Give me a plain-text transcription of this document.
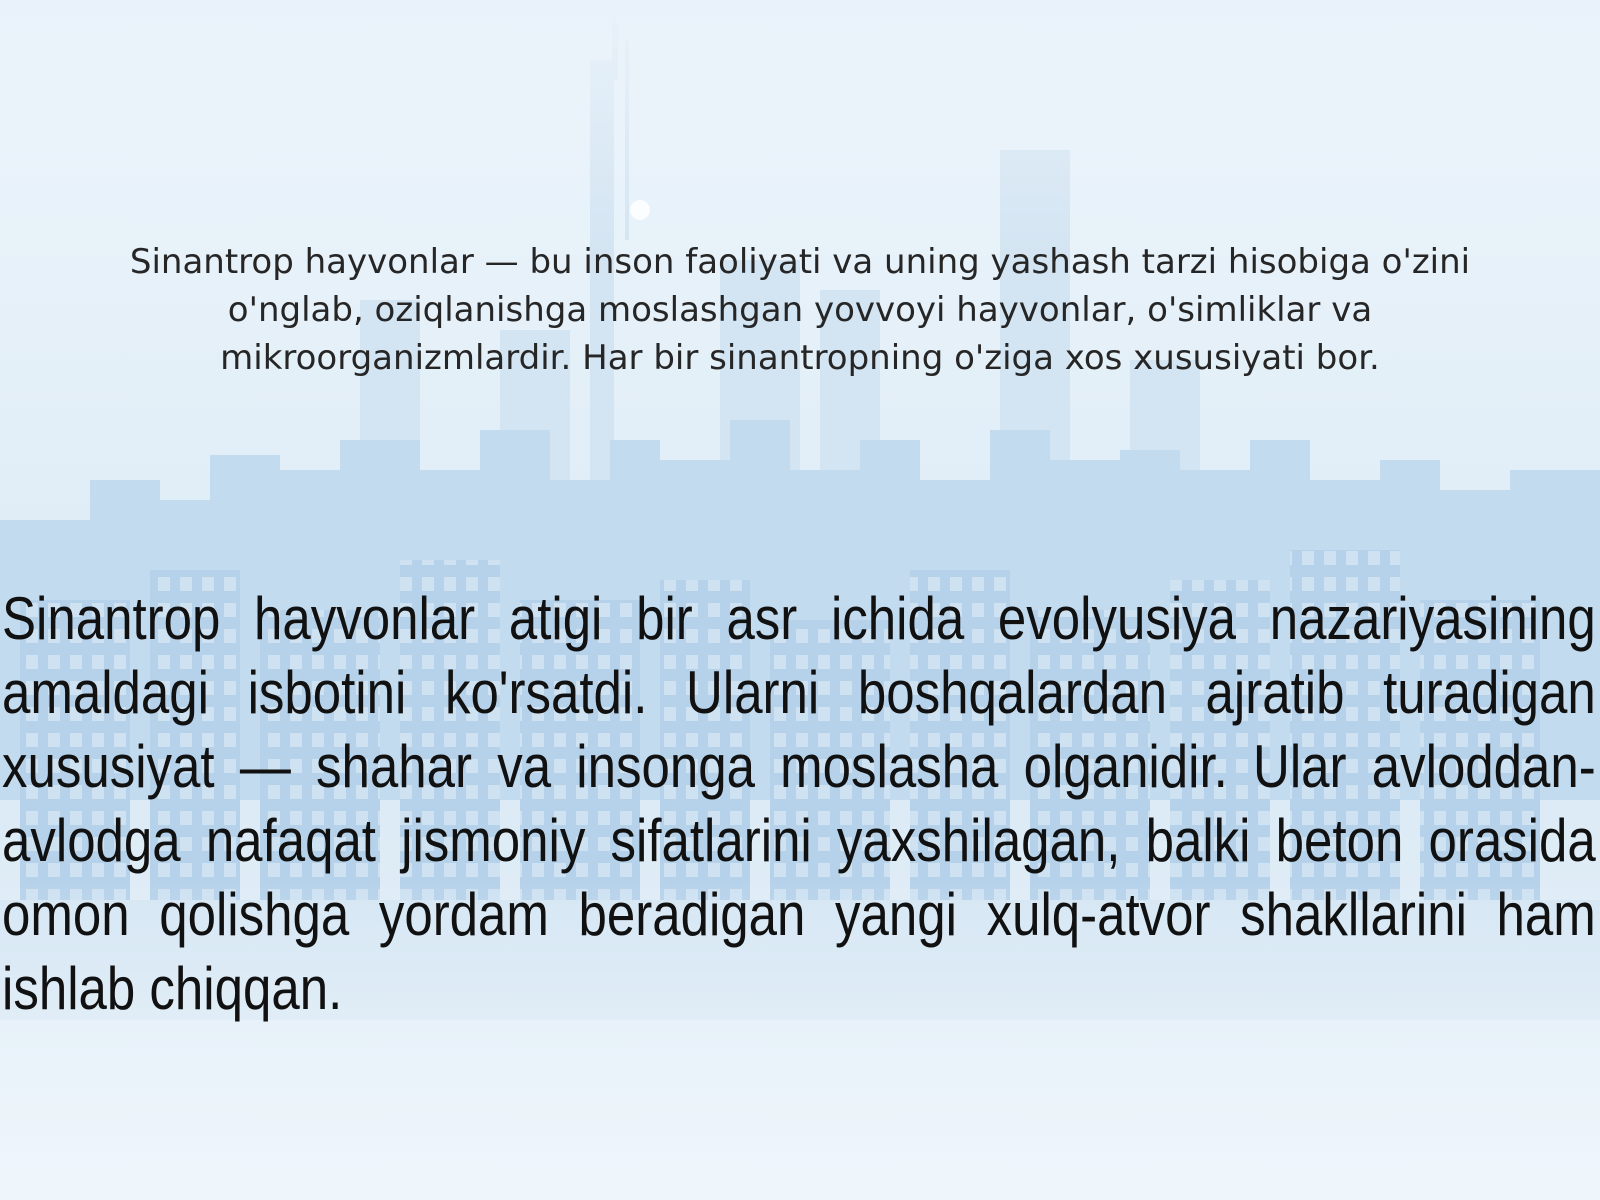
Sinantrop hayvonlar — bu inson faoliyati va uning yashash tarzi hisobiga o'zini
o'nglab, oziqlanishga moslashgan yovvoyi hayvonlar, o'simliklar va
mikroorganizmlardir. Har bir sinantropning o'ziga xos xususiyati bor.
Sinantrop hayvonlar atigi bir asr ichida evolyusiya nazariyasining amaldagi isbotini ko'rsatdi. Ularni boshqalardan ajratib turadigan xususiyat — shahar va insonga moslasha olganidir. Ular avloddan-avlodga nafaqat jismoniy sifatlarini yaxshilagan, balki beton orasida omon qolishga yordam beradigan yangi xulq-atvor shakllarini ham ishlab chiqqan.
